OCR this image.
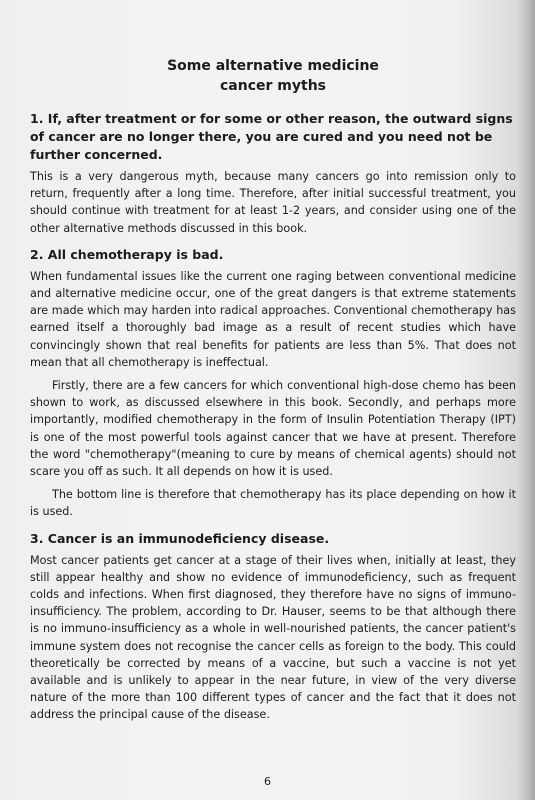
Some alternative medicine
cancer myths
1. If, after treatment or for some or other reason, the outward signs of cancer are no longer there, you are cured and you need not be further concerned.

This is a very dangerous myth, because many cancers go into remission only to return, frequently after a long time. Therefore, after initial successful treatment, you should continue with treatment for at least 1-2 years, and consider using one of the other alternative methods discussed in this book.

2. All chemotherapy is bad.

When fundamental issues like the current one raging between conventional medicine and alternative medicine occur, one of the great dangers is that extreme statements are made which may harden into radical approaches. Conventional chemotherapy has earned itself a thoroughly bad image as a result of recent studies which have convincingly shown that real benefits for patients are less than 5%. That does not mean that all chemotherapy is ineffectual.

Firstly, there are a few cancers for which conventional high-dose chemo has been shown to work, as discussed elsewhere in this book. Secondly, and perhaps more importantly, modified chemotherapy in the form of Insulin Potentiation Therapy (IPT) is one of the most powerful tools against cancer that we have at present. Therefore the word "chemotherapy"(meaning to cure by means of chemical agents) should not scare you off as such. It all depends on how it is used.

The bottom line is therefore that chemotherapy has its place depending on how it is used.

3. Cancer is an immunodeficiency disease.

Most cancer patients get cancer at a stage of their lives when, initially at least, they still appear healthy and show no evidence of immunodeficiency, such as frequent colds and infections. When first diagnosed, they therefore have no signs of immuno-insufficiency. The problem, according to Dr. Hauser, seems to be that although there is no immuno-insufficiency as a whole in well-nourished patients, the cancer patient's immune system does not recognise the cancer cells as foreign to the body. This could theoretically be corrected by means of a vaccine, but such a vaccine is not yet available and is unlikely to appear in the near future, in view of the very diverse nature of the more than 100 different types of cancer and the fact that it does not address the principal cause of the disease.

6
